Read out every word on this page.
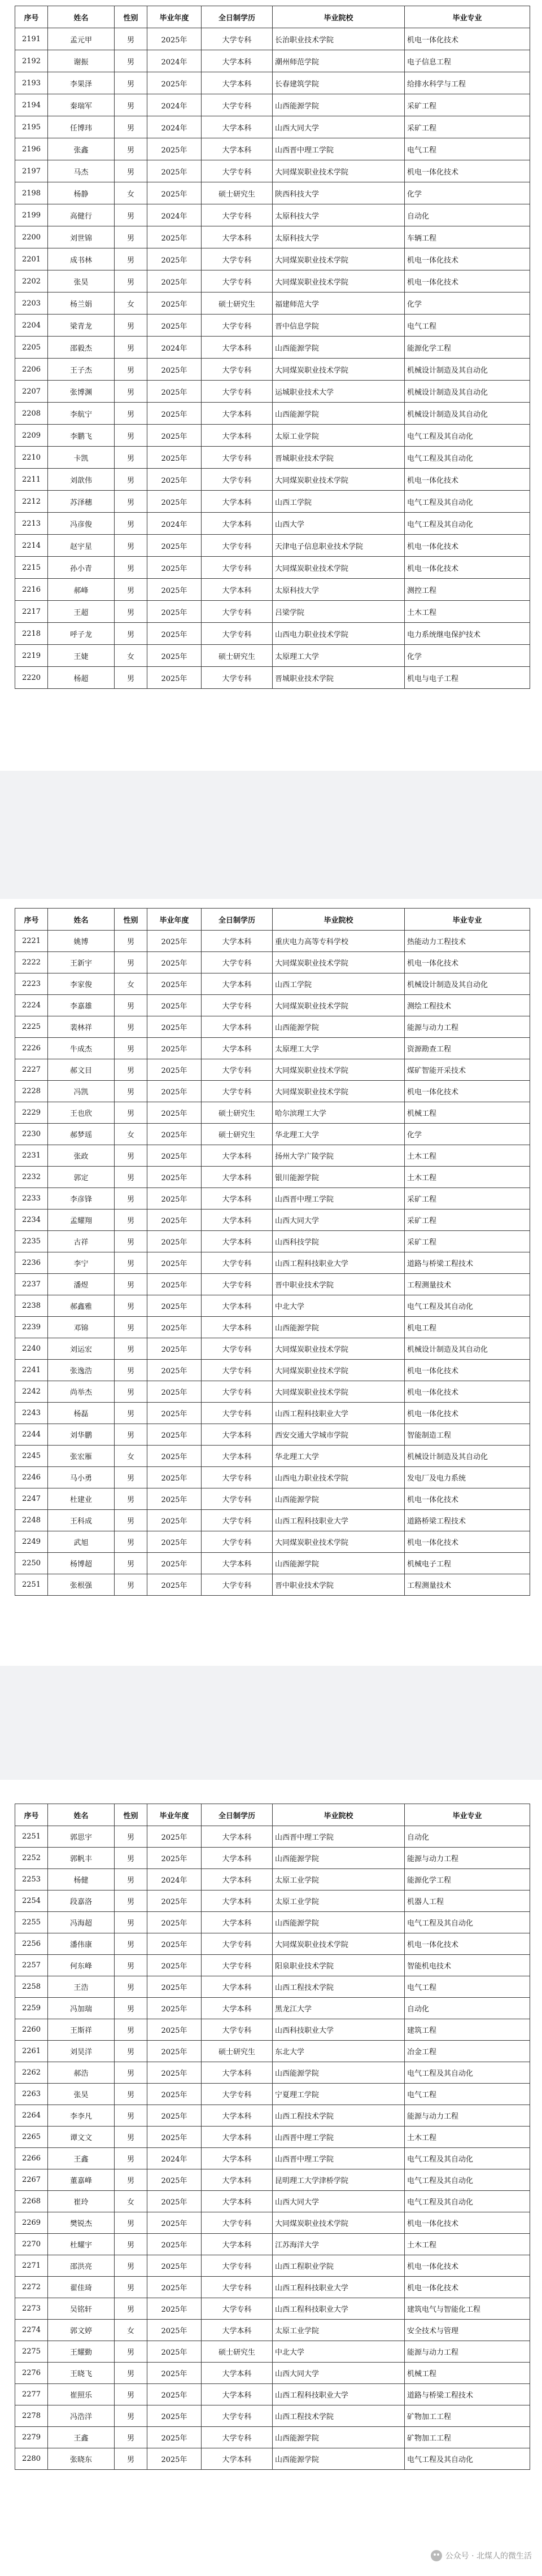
序号	姓名	性别	毕业年度	全日制学历	毕业院校	毕业专业
2191	孟元甲	男	2025年	大学专科	长治职业技术学院	机电一体化技术
2192	谢振	男	2024年	大学本科	潮州师范学院	电子信息工程
2193	李果泽	男	2025年	大学本科	长春建筑学院	给排水科学与工程
2194	秦瑞军	男	2024年	大学专科	山西能源学院	采矿工程
2195	任博玮	男	2024年	大学本科	山西大同大学	采矿工程
2196	张鑫	男	2025年	大学本科	山西晋中理工学院	电气工程
2197	马杰	男	2025年	大学专科	大同煤炭职业技术学院	机电一体化技术
2198	杨静	女	2025年	硕士研究生	陕西科技大学	化学
2199	高健行	男	2024年	大学专科	太原科技大学	自动化
2200	刘世锦	男	2025年	大学本科	太原科技大学	车辆工程
2201	成书林	男	2025年	大学专科	大同煤炭职业技术学院	机电一体化技术
2202	张昊	男	2025年	大学专科	大同煤炭职业技术学院	机电一体化技术
2203	杨兰娟	女	2025年	硕士研究生	福建师范大学	化学
2204	梁青龙	男	2025年	大学专科	晋中信息学院	电气工程
2205	邵毅杰	男	2024年	大学本科	山西能源学院	能源化学工程
2206	王子杰	男	2025年	大学专科	大同煤炭职业技术学院	机械设计制造及其自动化
2207	张博渊	男	2025年	大学专科	运城职业技术大学	机械设计制造及其自动化
2208	李航宁	男	2025年	大学本科	山西能源学院	机械设计制造及其自动化
2209	李鹏飞	男	2025年	大学本科	太原工业学院	电气工程及其自动化
2210	卡凯	男	2025年	大学专科	晋城职业技术学院	电气工程及其自动化
2211	刘歆伟	男	2025年	大学专科	大同煤炭职业技术学院	机电一体化技术
2212	苏泽穗	男	2025年	大学本科	山西工学院	电气工程及其自动化
2213	冯彦俊	男	2024年	大学本科	山西大学	电气工程及其自动化
2214	赵宇星	男	2025年	大学专科	天津电子信息职业技术学院	机电一体化技术
2215	孙小青	男	2025年	大学专科	大同煤炭职业技术学院	机电一体化技术
2216	郝峰	男	2025年	大学本科	太原科技大学	测控工程
2217	王超	男	2025年	大学专科	吕梁学院	土木工程
2218	呼子龙	男	2025年	大学专科	山西电力职业技术学院	电力系统继电保护技术
2219	王婕	女	2025年	硕士研究生	太原理工大学	化学
2220	杨超	男	2025年	大学专科	晋城职业技术学院	机电与电子工程
序号	姓名	性别	毕业年度	全日制学历	毕业院校	毕业专业
2221	姚博	男	2025年	大学本科	重庆电力高等专科学校	热能动力工程技术
2222	王新宇	男	2025年	大学专科	大同煤炭职业技术学院	机电一体化技术
2223	李家俊	女	2025年	大学本科	山西工学院	机械设计制造及其自动化
2224	李嘉雄	男	2025年	大学专科	大同煤炭职业技术学院	测绘工程技术
2225	裴林祥	男	2025年	大学本科	山西能源学院	能源与动力工程
2226	牛成杰	男	2025年	大学本科	太原理工大学	资源勘查工程
2227	郝文目	男	2025年	大学专科	大同煤炭职业技术学院	煤矿智能开采技术
2228	冯凯	男	2025年	大学专科	大同煤炭职业技术学院	机电一体化技术
2229	王也欣	男	2025年	硕士研究生	哈尔滨理工大学	机械工程
2230	郝梦瑶	女	2025年	硕士研究生	华北理工大学	化学
2231	张政	男	2025年	大学本科	扬州大学广陵学院	土木工程
2232	郭定	男	2025年	大学本科	银川能源学院	土木工程
2233	李彦锋	男	2025年	大学本科	山西晋中理工学院	采矿工程
2234	孟耀翔	男	2025年	大学本科	山西大同大学	采矿工程
2235	古祥	男	2025年	大学本科	山西科技学院	采矿工程
2236	李宁	男	2025年	大学专科	山西工程科技职业大学	道路与桥梁工程技术
2237	潘煜	男	2025年	大学专科	晋中职业技术学院	工程测量技术
2238	郝鑫雅	男	2025年	大学本科	中北大学	电气工程及其自动化
2239	邓锦	男	2025年	大学本科	山西能源学院	机电工程
2240	刘运宏	男	2025年	大学专科	大同煤炭职业技术学院	机械设计制造及其自动化
2241	张逸浩	男	2025年	大学专科	大同煤炭职业技术学院	机电一体化技术
2242	尚举杰	男	2025年	大学专科	大同煤炭职业技术学院	机电一体化技术
2243	杨磊	男	2025年	大学专科	山西工程科技职业大学	机电一体化技术
2244	刘华鹏	男	2025年	大学本科	西安交通大学城市学院	智能制造工程
2245	张宏雁	女	2025年	大学本科	华北理工大学	机械设计制造及其自动化
2246	马小勇	男	2025年	大学专科	山西电力职业技术学院	发电厂及电力系统
2247	杜建业	男	2025年	大学专科	山西能源学院	机电一体化技术
2248	王科成	男	2025年	大学专科	山西工程科技职业大学	道路桥梁工程技术
2249	武旭	男	2025年	大学专科	大同煤炭职业技术学院	机电一体化技术
2250	杨博超	男	2025年	大学本科	山西能源学院	机械电子工程
2251	张根强	男	2025年	大学专科	晋中职业技术学院	工程测量技术
序号	姓名	性别	毕业年度	全日制学历	毕业院校	毕业专业
2251	郭思宇	男	2025年	大学本科	山西晋中理工学院	自动化
2252	郭帆丰	男	2025年	大学本科	山西能源学院	能源与动力工程
2253	杨健	男	2024年	大学本科	太原工业学院	能源化学工程
2254	段嘉洛	男	2025年	大学本科	太原工业学院	机器人工程
2255	冯海超	男	2025年	大学本科	山西能源学院	电气工程及其自动化
2256	潘伟康	男	2025年	大学专科	大同煤炭职业技术学院	机电一体化技术
2257	何东峰	男	2025年	大学专科	阳泉职业技术学院	智能机电技术
2258	王浩	男	2025年	大学本科	山西工程技术学院	电气工程
2259	冯加瑞	男	2025年	大学本科	黑龙江大学	自动化
2260	王斯祥	男	2025年	大学专科	山西科技职业大学	建筑工程
2261	刘昊洋	男	2025年	硕士研究生	东北大学	冶金工程
2262	郝浩	男	2025年	大学本科	山西能源学院	电气工程及其自动化
2263	张昊	男	2025年	大学专科	宁夏理工学院	电气工程
2264	李李凡	男	2025年	大学本科	山西工程技术学院	能源与动力工程
2265	谭文文	男	2025年	大学本科	山西晋中理工学院	土木工程
2266	王鑫	男	2024年	大学本科	山西晋中理工学院	电气工程及其自动化
2267	董嘉峰	男	2025年	大学本科	昆明理工大学津桥学院	电气工程及其自动化
2268	崔玲	女	2025年	大学本科	山西大同大学	电气工程及其自动化
2269	樊锐杰	男	2025年	大学专科	大同煤炭职业技术学院	机电一体化技术
2270	杜耀宇	男	2025年	大学本科	江苏海洋大学	土木工程
2271	邵洪亮	男	2025年	大学专科	山西工程职业学院	机电一体化技术
2272	翟佳琦	男	2025年	大学专科	山西工程科技职业大学	机电一体化技术
2273	吴铭轩	男	2025年	大学专科	山西工程科技职业大学	建筑电气与智能化工程
2274	郭文婷	女	2025年	大学本科	太原工业学院	安全技术与管理
2275	王耀勤	男	2025年	硕士研究生	中北大学	能源与动力工程
2276	王晓飞	男	2025年	大学本科	山西大同大学	机械工程
2277	崔照乐	男	2025年	大学本科	山西工程科技职业大学	道路与桥梁工程技术
2278	冯浩洋	男	2025年	大学专科	山西工程技术学院	矿物加工工程
2279	王鑫	男	2025年	大学专科	山西能源学院	矿物加工工程
2280	张晓东	男	2025年	大学本科	山西能源学院	电气工程及其自动化
公众号 · 北煤人的微生活
